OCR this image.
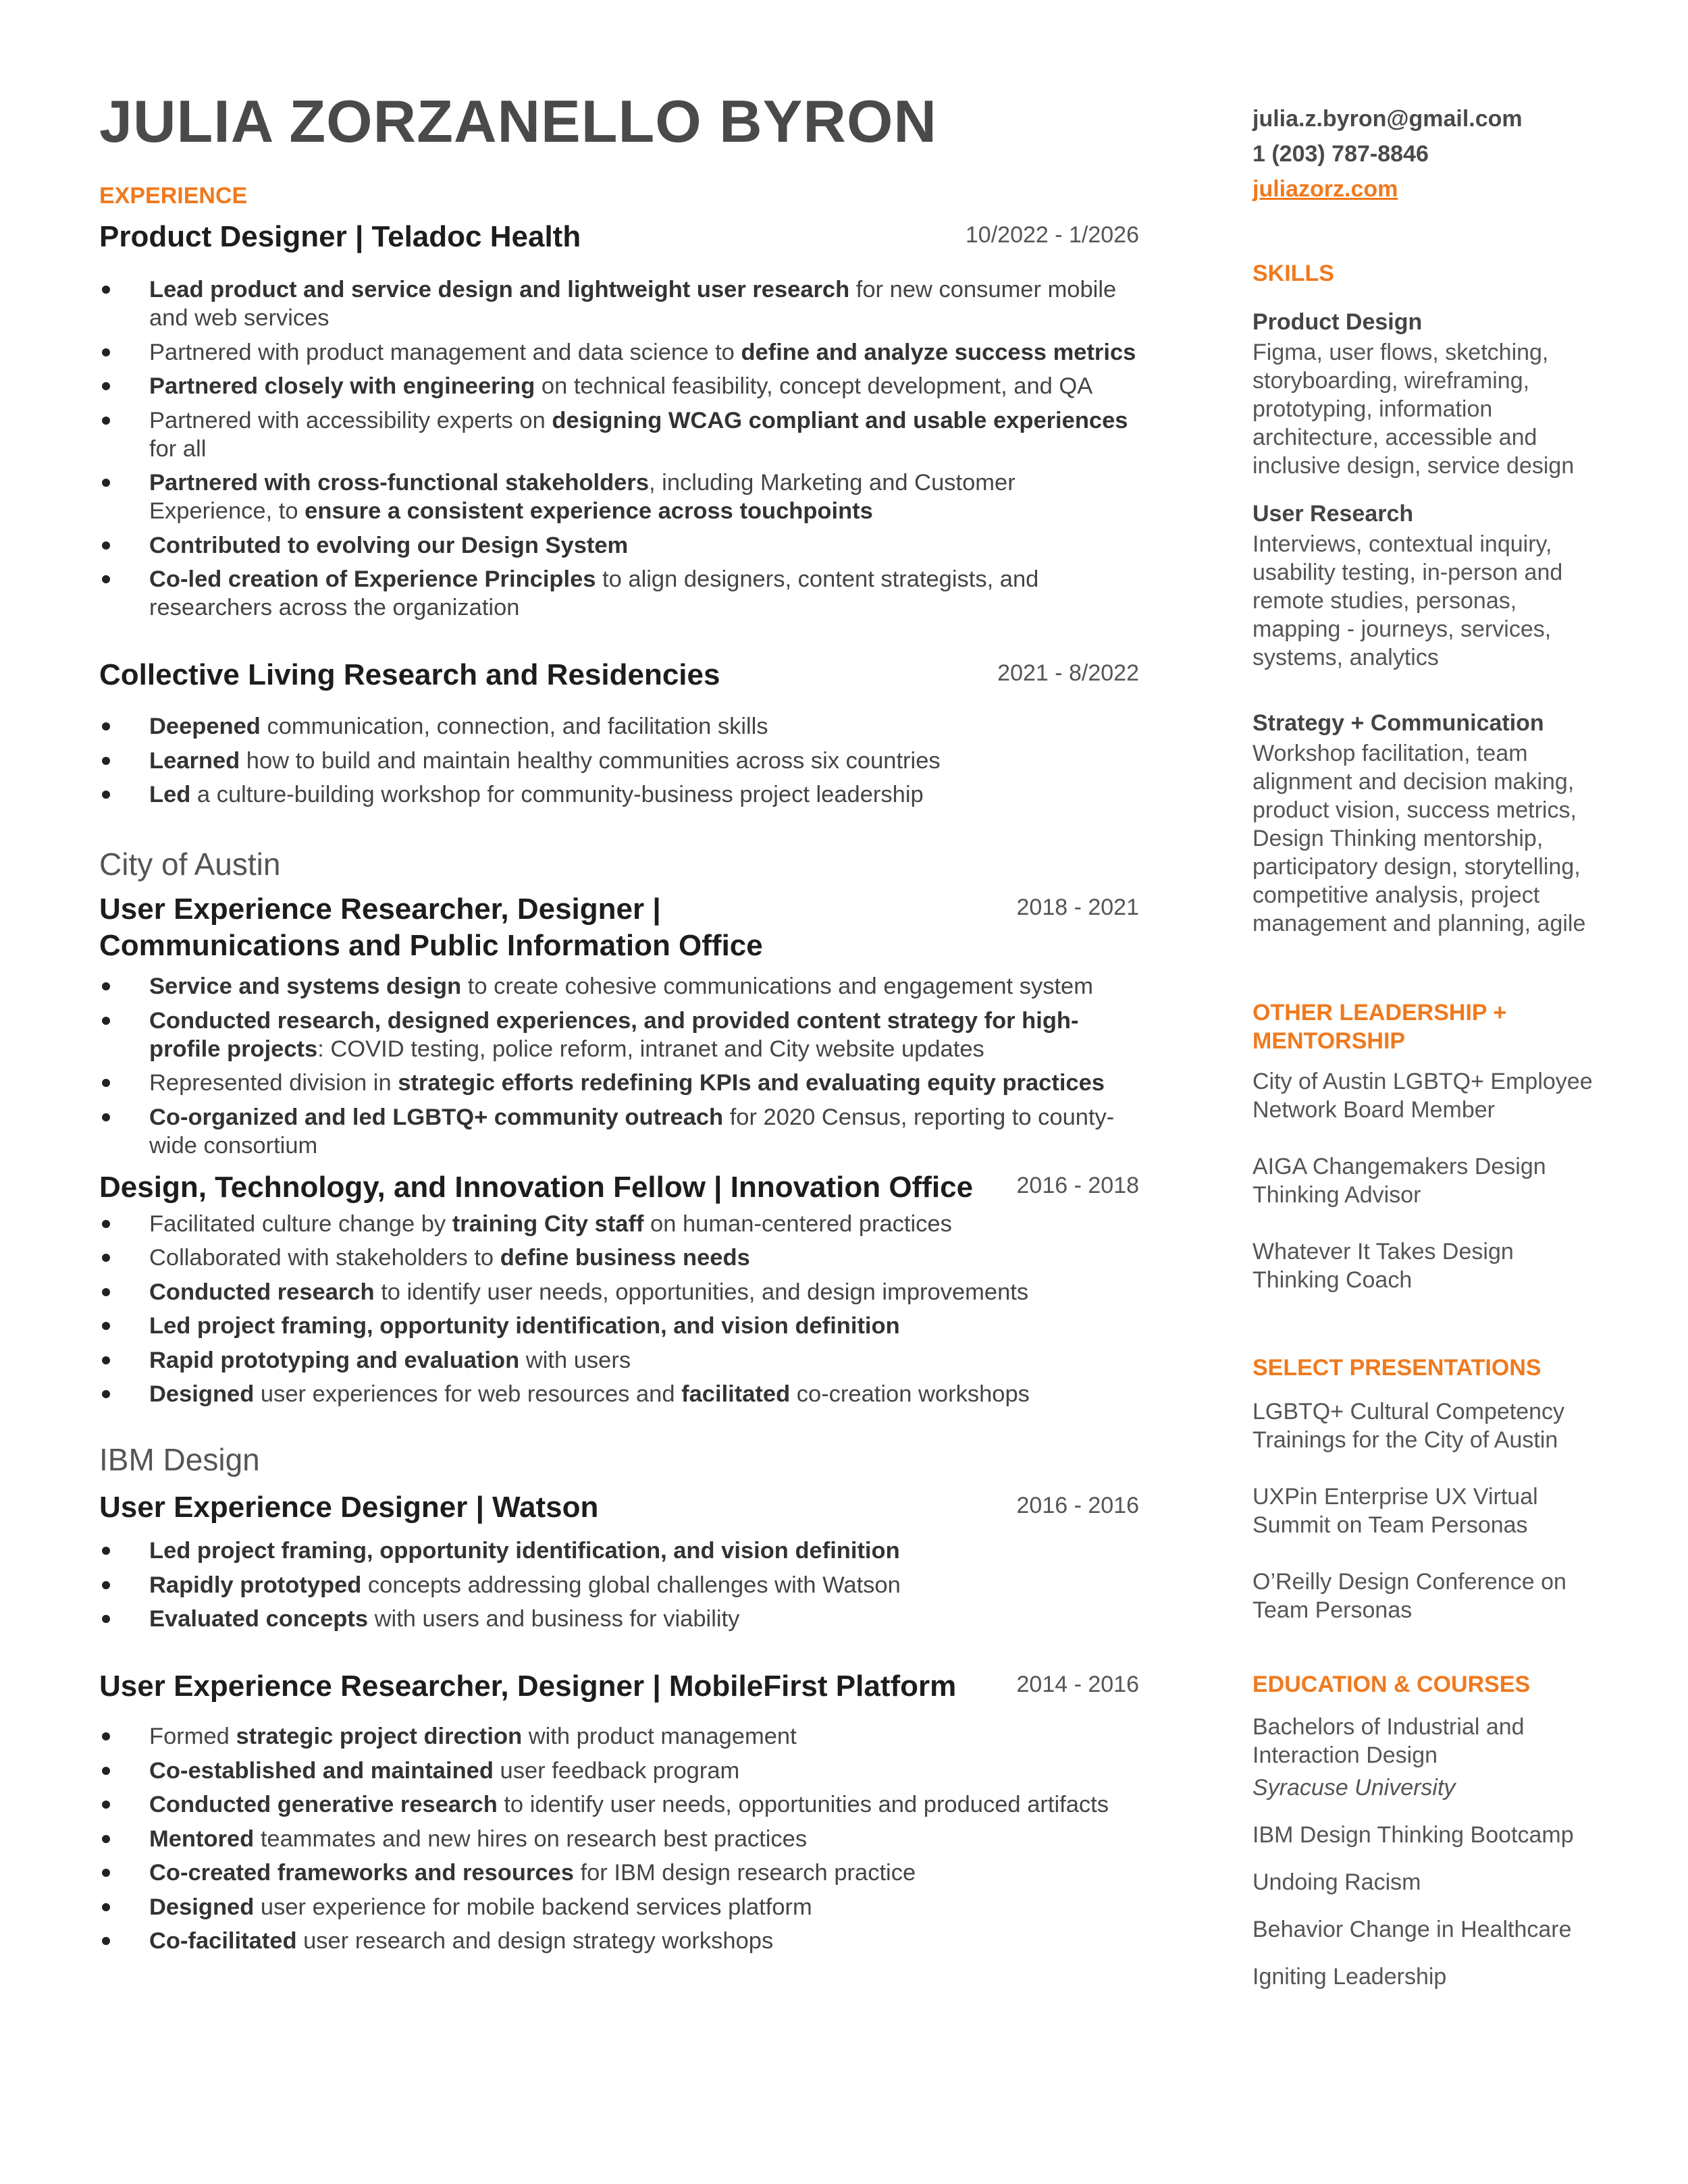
JULIA ZORZANELLO BYRON
EXPERIENCE
Product Designer | Teladoc Health	10/2022 - 1/2026
Lead product and service design and lightweight user research for new consumer mobile and web services
Partnered with product management and data science to define and analyze success metrics
Partnered closely with engineering on technical feasibility, concept development, and QA
Partnered with accessibility experts on designing WCAG compliant and usable experiences for all
Partnered with cross-functional stakeholders, including Marketing and Customer Experience, to ensure a consistent experience across touchpoints
Contributed to evolving our Design System
Co-led creation of Experience Principles to align designers, content strategists, and researchers across the organization
Collective Living Research and Residencies	2021 - 8/2022
Deepened communication, connection, and facilitation skills
Learned how to build and maintain healthy communities across six countries
Led a culture-building workshop for community-business project leadership
City of Austin
User Experience Researcher, Designer |
Communications and Public Information Office
2018 - 2021
Service and systems design to create cohesive communications and engagement system
Conducted research, designed experiences, and provided content strategy for high-profile projects: COVID testing, police reform, intranet and City website updates
Represented division in strategic efforts redefining KPIs and evaluating equity practices
Co-organized and led LGBTQ+ community outreach for 2020 Census, reporting to county-wide consortium
Design, Technology, and Innovation Fellow | Innovation Office 2016 - 2018
Facilitated culture change by training City staff on human-centered practices
Collaborated with stakeholders to define business needs
Conducted research to identify user needs, opportunities, and design improvements
Led project framing, opportunity identification, and vision definition
Rapid prototyping and evaluation with users
Designed user experiences for web resources and facilitated co-creation workshops
IBM Design
User Experience Designer | Watson	2016 - 2016
Led project framing, opportunity identification, and vision definition
Rapidly prototyped concepts addressing global challenges with Watson
Evaluated concepts with users and business for viability
User Experience Researcher, Designer | MobileFirst Platform	2014 - 2016
Formed strategic project direction with product management
Co-established and maintained user feedback program
Conducted generative research to identify user needs, opportunities and produced artifacts
Mentored teammates and new hires on research best practices
Co-created frameworks and resources for IBM design research practice
Designed user experience for mobile backend services platform
Co-facilitated user research and design strategy workshops
julia.z.byron@gmail.com
1 (203) 787-8846
juliazorz.com
SKILLS
Product Design
Figma, user flows, sketching, storyboarding, wireframing, prototyping, information architecture, accessible and inclusive design, service design
User Research
Interviews, contextual inquiry, usability testing, in-person and remote studies, personas, mapping - journeys, services, systems, analytics
Strategy + Communication
Workshop facilitation, team alignment and decision making, product vision, success metrics, Design Thinking mentorship, participatory design, storytelling, competitive analysis, project management and planning, agile
OTHER LEADERSHIP +
MENTORSHIP
City of Austin LGBTQ+ Employee Network Board Member
AIGA Changemakers Design Thinking Advisor
Whatever It Takes Design Thinking Coach
SELECT PRESENTATIONS
LGBTQ+ Cultural Competency Trainings for the City of Austin
UXPin Enterprise UX Virtual Summit on Team Personas
O’Reilly Design Conference on Team Personas
EDUCATION & COURSES
Bachelors of Industrial and Interaction Design
Syracuse University
IBM Design Thinking Bootcamp
Undoing Racism
Behavior Change in Healthcare
Igniting Leadership
